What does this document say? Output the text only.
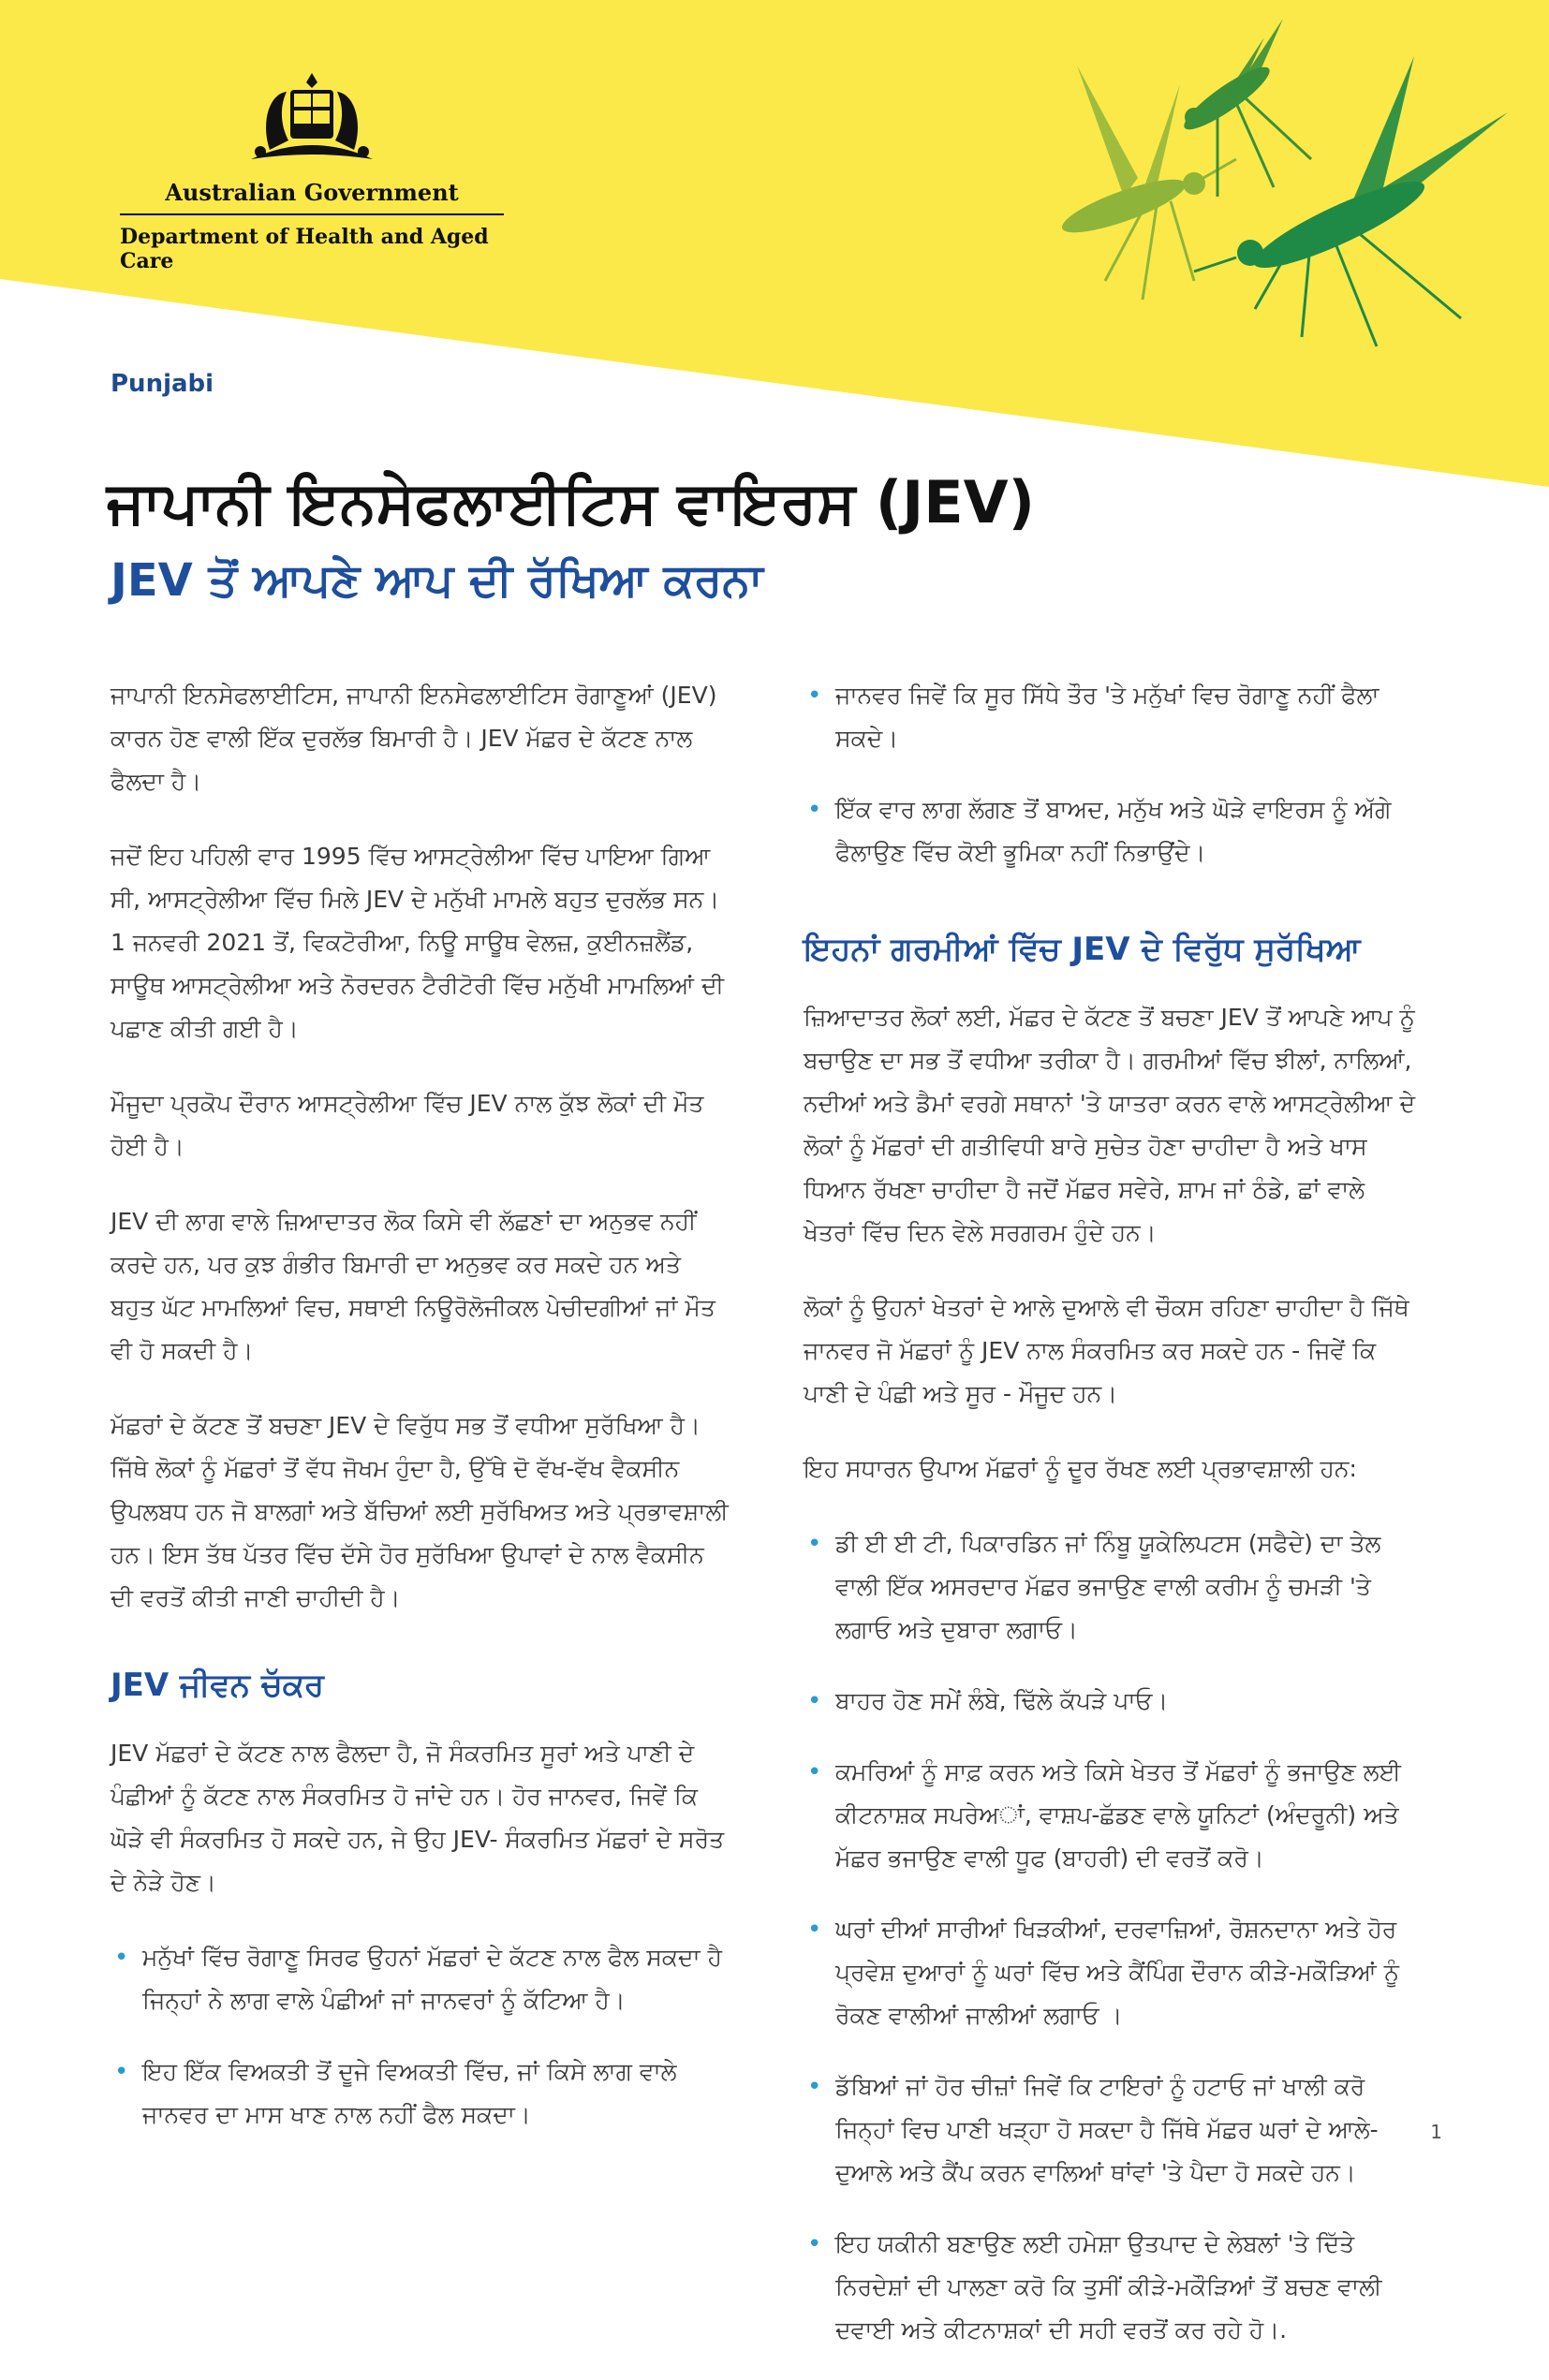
Australian Government
Department of Health and Aged Care
Punjabi
ਜਾਪਾਨੀ ਇਨਸੇਫਲਾਈਟਿਸ ਵਾਇਰਸ (JEV)
JEV ਤੋਂ ਆਪਣੇ ਆਪ ਦੀ ਰੱਖਿਆ ਕਰਨਾ

ਜਾਪਾਨੀ ਇਨਸੇਫਲਾਈਟਿਸ, ਜਾਪਾਨੀ ਇਨਸੇਫਲਾਈਟਿਸ ਰੋਗਾਣੂਆਂ (JEV) ਕਾਰਨ ਹੋਣ ਵਾਲੀ ਇੱਕ ਦੁਰਲੱਭ ਬਿਮਾਰੀ ਹੈ। JEV ਮੱਛਰ ਦੇ ਕੱਟਣ ਨਾਲ ਫੈਲਦਾ ਹੈ।

ਜਦੋਂ ਇਹ ਪਹਿਲੀ ਵਾਰ 1995 ਵਿੱਚ ਆਸਟ੍ਰੇਲੀਆ ਵਿੱਚ ਪਾਇਆ ਗਿਆ ਸੀ, ਆਸਟ੍ਰੇਲੀਆ ਵਿੱਚ ਮਿਲੇ JEV ਦੇ ਮਨੁੱਖੀ ਮਾਮਲੇ ਬਹੁਤ ਦੁਰਲੱਭ ਸਨ। 1 ਜਨਵਰੀ 2021 ਤੋਂ, ਵਿਕਟੋਰੀਆ, ਨਿਊ ਸਾਊਥ ਵੇਲਜ਼, ਕੁਈਨਜ਼ਲੈਂਡ, ਸਾਊਥ ਆਸਟ੍ਰੇਲੀਆ ਅਤੇ ਨੋਰਦਰਨ ਟੈਰੀਟੋਰੀ ਵਿੱਚ ਮਨੁੱਖੀ ਮਾਮਲਿਆਂ ਦੀ ਪਛਾਣ ਕੀਤੀ ਗਈ ਹੈ।

ਮੌਜੂਦਾ ਪ੍ਰਕੋਪ ਦੌਰਾਨ ਆਸਟ੍ਰੇਲੀਆ ਵਿੱਚ JEV ਨਾਲ ਕੁੱਝ ਲੋਕਾਂ ਦੀ ਮੌਤ ਹੋਈ ਹੈ।

JEV ਦੀ ਲਾਗ ਵਾਲੇ ਜ਼ਿਆਦਾਤਰ ਲੋਕ ਕਿਸੇ ਵੀ ਲੱਛਣਾਂ ਦਾ ਅਨੁਭਵ ਨਹੀਂ ਕਰਦੇ ਹਨ, ਪਰ ਕੁਝ ਗੰਭੀਰ ਬਿਮਾਰੀ ਦਾ ਅਨੁਭਵ ਕਰ ਸਕਦੇ ਹਨ ਅਤੇ ਬਹੁਤ ਘੱਟ ਮਾਮਲਿਆਂ ਵਿਚ, ਸਥਾਈ ਨਿਊਰੋਲੋਜੀਕਲ ਪੇਚੀਦਗੀਆਂ ਜਾਂ ਮੌਤ ਵੀ ਹੋ ਸਕਦੀ ਹੈ।

ਮੱਛਰਾਂ ਦੇ ਕੱਟਣ ਤੋਂ ਬਚਣਾ JEV ਦੇ ਵਿਰੁੱਧ ਸਭ ਤੋਂ ਵਧੀਆ ਸੁਰੱਖਿਆ ਹੈ। ਜਿੱਥੇ ਲੋਕਾਂ ਨੂੰ ਮੱਛਰਾਂ ਤੋਂ ਵੱਧ ਜੋਖਮ ਹੁੰਦਾ ਹੈ, ਉੱਥੇ ਦੋ ਵੱਖ-ਵੱਖ ਵੈਕਸੀਨ ਉਪਲਬਧ ਹਨ ਜੋ ਬਾਲਗਾਂ ਅਤੇ ਬੱਚਿਆਂ ਲਈ ਸੁਰੱਖਿਅਤ ਅਤੇ ਪ੍ਰਭਾਵਸ਼ਾਲੀ ਹਨ। ਇਸ ਤੱਥ ਪੱਤਰ ਵਿੱਚ ਦੱਸੇ ਹੋਰ ਸੁਰੱਖਿਆ ਉਪਾਵਾਂ ਦੇ ਨਾਲ ਵੈਕਸੀਨ ਦੀ ਵਰਤੋਂ ਕੀਤੀ ਜਾਣੀ ਚਾਹੀਦੀ ਹੈ।

JEV ਜੀਵਨ ਚੱਕਰ

JEV ਮੱਛਰਾਂ ਦੇ ਕੱਟਣ ਨਾਲ ਫੈਲਦਾ ਹੈ, ਜੋ ਸੰਕਰਮਿਤ ਸੂਰਾਂ ਅਤੇ ਪਾਣੀ ਦੇ ਪੰਛੀਆਂ ਨੂੰ ਕੱਟਣ ਨਾਲ ਸੰਕਰਮਿਤ ਹੋ ਜਾਂਦੇ ਹਨ। ਹੋਰ ਜਾਨਵਰ, ਜਿਵੇਂ ਕਿ ਘੋੜੇ ਵੀ ਸੰਕਰਮਿਤ ਹੋ ਸਕਦੇ ਹਨ, ਜੇ ਉਹ JEV- ਸੰਕਰਮਿਤ ਮੱਛਰਾਂ ਦੇ ਸਰੋਤ ਦੇ ਨੇੜੇ ਹੋਣ।

• ਮਨੁੱਖਾਂ ਵਿੱਚ ਰੋਗਾਣੂ ਸਿਰਫ ਉਹਨਾਂ ਮੱਛਰਾਂ ਦੇ ਕੱਟਣ ਨਾਲ ਫੈਲ ਸਕਦਾ ਹੈ ਜਿਨ੍ਹਾਂ ਨੇ ਲਾਗ ਵਾਲੇ ਪੰਛੀਆਂ ਜਾਂ ਜਾਨਵਰਾਂ ਨੂੰ ਕੱਟਿਆ ਹੈ।
• ਇਹ ਇੱਕ ਵਿਅਕਤੀ ਤੋਂ ਦੂਜੇ ਵਿਅਕਤੀ ਵਿੱਚ, ਜਾਂ ਕਿਸੇ ਲਾਗ ਵਾਲੇ ਜਾਨਵਰ ਦਾ ਮਾਸ ਖਾਣ ਨਾਲ ਨਹੀਂ ਫੈਲ ਸਕਦਾ।
• ਜਾਨਵਰ ਜਿਵੇਂ ਕਿ ਸੂਰ ਸਿੱਧੇ ਤੌਰ 'ਤੇ ਮਨੁੱਖਾਂ ਵਿਚ ਰੋਗਾਣੂ ਨਹੀਂ ਫੈਲਾ ਸਕਦੇ।
• ਇੱਕ ਵਾਰ ਲਾਗ ਲੱਗਣ ਤੋਂ ਬਾਅਦ, ਮਨੁੱਖ ਅਤੇ ਘੋੜੇ ਵਾਇਰਸ ਨੂੰ ਅੱਗੇ ਫੈਲਾਉਣ ਵਿੱਚ ਕੋਈ ਭੂਮਿਕਾ ਨਹੀਂ ਨਿਭਾਉਂਦੇ।
ਇਹਨਾਂ ਗਰਮੀਆਂ ਵਿੱਚ JEV ਦੇ ਵਿਰੁੱਧ ਸੁਰੱਖਿਆ

ਜ਼ਿਆਦਾਤਰ ਲੋਕਾਂ ਲਈ, ਮੱਛਰ ਦੇ ਕੱਟਣ ਤੋਂ ਬਚਣਾ JEV ਤੋਂ ਆਪਣੇ ਆਪ ਨੂੰ ਬਚਾਉਣ ਦਾ ਸਭ ਤੋਂ ਵਧੀਆ ਤਰੀਕਾ ਹੈ। ਗਰਮੀਆਂ ਵਿੱਚ ਝੀਲਾਂ, ਨਾਲਿਆਂ, ਨਦੀਆਂ ਅਤੇ ਡੈਮਾਂ ਵਰਗੇ ਸਥਾਨਾਂ 'ਤੇ ਯਾਤਰਾ ਕਰਨ ਵਾਲੇ ਆਸਟ੍ਰੇਲੀਆ ਦੇ ਲੋਕਾਂ ਨੂੰ ਮੱਛਰਾਂ ਦੀ ਗਤੀਵਿਧੀ ਬਾਰੇ ਸੁਚੇਤ ਹੋਣਾ ਚਾਹੀਦਾ ਹੈ ਅਤੇ ਖਾਸ ਧਿਆਨ ਰੱਖਣਾ ਚਾਹੀਦਾ ਹੈ ਜਦੋਂ ਮੱਛਰ ਸਵੇਰੇ, ਸ਼ਾਮ ਜਾਂ ਠੰਡੇ, ਛਾਂ ਵਾਲੇ ਖੇਤਰਾਂ ਵਿੱਚ ਦਿਨ ਵੇਲੇ ਸਰਗਰਮ ਹੁੰਦੇ ਹਨ।

ਲੋਕਾਂ ਨੂੰ ਉਹਨਾਂ ਖੇਤਰਾਂ ਦੇ ਆਲੇ ਦੁਆਲੇ ਵੀ ਚੌਕਸ ਰਹਿਣਾ ਚਾਹੀਦਾ ਹੈ ਜਿੱਥੇ ਜਾਨਵਰ ਜੋ ਮੱਛਰਾਂ ਨੂੰ JEV ਨਾਲ ਸੰਕਰਮਿਤ ਕਰ ਸਕਦੇ ਹਨ - ਜਿਵੇਂ ਕਿ ਪਾਣੀ ਦੇ ਪੰਛੀ ਅਤੇ ਸੂਰ - ਮੌਜੂਦ ਹਨ।

ਇਹ ਸਧਾਰਨ ਉਪਾਅ ਮੱਛਰਾਂ ਨੂੰ ਦੂਰ ਰੱਖਣ ਲਈ ਪ੍ਰਭਾਵਸ਼ਾਲੀ ਹਨ:

• ਡੀ ਈ ਈ ਟੀ, ਪਿਕਾਰਡਿਨ ਜਾਂ ਨਿੰਬੂ ਯੂਕੇਲਿਪਟਸ (ਸਫੈਦੇ) ਦਾ ਤੇਲ ਵਾਲੀ ਇੱਕ ਅਸਰਦਾਰ ਮੱਛਰ ਭਜਾਉਣ ਵਾਲੀ ਕਰੀਮ ਨੂੰ ਚਮੜੀ 'ਤੇ ਲਗਾਓ ਅਤੇ ਦੁਬਾਰਾ ਲਗਾਓ।
• ਬਾਹਰ ਹੋਣ ਸਮੇਂ ਲੰਬੇ, ਢਿੱਲੇ ਕੱਪੜੇ ਪਾਓ।
• ਕਮਰਿਆਂ ਨੂੰ ਸਾਫ਼ ਕਰਨ ਅਤੇ ਕਿਸੇ ਖੇਤਰ ਤੋਂ ਮੱਛਰਾਂ ਨੂੰ ਭਜਾਉਣ ਲਈ ਕੀਟਨਾਸ਼ਕ ਸਪਰੇਅਾਂ, ਵਾਸ਼ਪ-ਛੱਡਣ ਵਾਲੇ ਯੂਨਿਟਾਂ (ਅੰਦਰੂਨੀ) ਅਤੇ ਮੱਛਰ ਭਜਾਉਣ ਵਾਲੀ ਧੂਫ (ਬਾਹਰੀ) ਦੀ ਵਰਤੋਂ ਕਰੋ।
• ਘਰਾਂ ਦੀਆਂ ਸਾਰੀਆਂ ਖਿੜਕੀਆਂ, ਦਰਵਾਜ਼ਿਆਂ, ਰੋਸ਼ਨਦਾਨਾ ਅਤੇ ਹੋਰ ਪ੍ਰਵੇਸ਼ ਦੁਆਰਾਂ ਨੂੰ ਘਰਾਂ ਵਿੱਚ ਅਤੇ ਕੈਂਪਿੰਗ ਦੌਰਾਨ ਕੀੜੇ-ਮਕੌੜਿਆਂ ਨੂੰ ਰੋਕਣ ਵਾਲੀਆਂ ਜਾਲੀਆਂ ਲਗਾਓ ।
• ਡੱਬਿਆਂ ਜਾਂ ਹੋਰ ਚੀਜ਼ਾਂ ਜਿਵੇਂ ਕਿ ਟਾਇਰਾਂ ਨੂੰ ਹਟਾਓ ਜਾਂ ਖਾਲੀ ਕਰੋ ਜਿਨ੍ਹਾਂ ਵਿਚ ਪਾਣੀ ਖੜ੍ਹਾ ਹੋ ਸਕਦਾ ਹੈ ਜਿੱਥੇ ਮੱਛਰ ਘਰਾਂ ਦੇ ਆਲੇ-ਦੁਆਲੇ ਅਤੇ ਕੈਂਪ ਕਰਨ ਵਾਲਿਆਂ ਥਾਂਵਾਂ 'ਤੇ ਪੈਦਾ ਹੋ ਸਕਦੇ ਹਨ।
• ਇਹ ਯਕੀਨੀ ਬਣਾਉਣ ਲਈ ਹਮੇਸ਼ਾ ਉਤਪਾਦ ਦੇ ਲੇਬਲਾਂ 'ਤੇ ਦਿੱਤੇ ਨਿਰਦੇਸ਼ਾਂ ਦੀ ਪਾਲਣਾ ਕਰੋ ਕਿ ਤੁਸੀਂ ਕੀੜੇ-ਮਕੌੜਿਆਂ ਤੋਂ ਬਚਣ ਵਾਲੀ ਦਵਾਈ ਅਤੇ ਕੀਟਨਾਸ਼ਕਾਂ ਦੀ ਸਹੀ ਵਰਤੋਂ ਕਰ ਰਹੇ ਹੋ।.
1
